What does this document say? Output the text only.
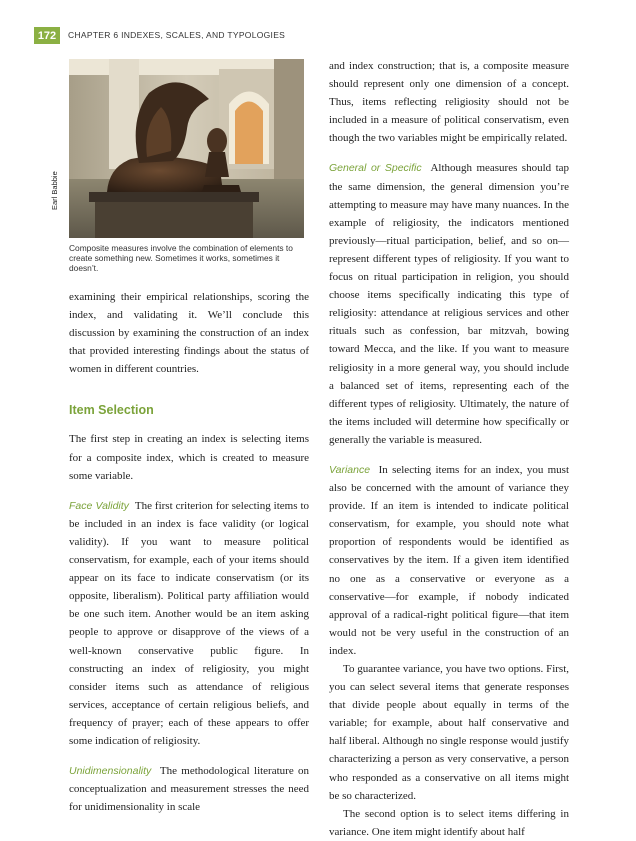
172	CHAPTER 6 INDEXES, SCALES, AND TYPOLOGIES
Earl Babbie
Composite measures involve the combination of elements to create something new. Sometimes it works, sometimes it doesn’t.

examining their empirical relationships, scoring the index, and validating it. We’ll conclude this discussion by examining the construction of an index that provided interesting findings about the status of women in different countries.

Item Selection

The first step in creating an index is selecting items for a composite index, which is created to measure some variable.

Face Validity The first criterion for selecting items to be included in an index is face validity (or logical validity). If you want to measure political conservatism, for example, each of your items should appear on its face to indicate conservatism (or its opposite, liberalism). Political party affiliation would be one such item. Another would be an item asking people to approve or disapprove of the views of a well-known conservative public figure. In constructing an index of religiosity, you might consider items such as attendance of religious services, acceptance of certain religious beliefs, and frequency of prayer; each of these appears to offer some indication of religiosity.

Unidimensionality The methodological literature on conceptualization and measurement stresses the need for unidimensionality in scale

and index construction; that is, a composite measure should represent only one dimension of a concept. Thus, items reflecting religiosity should not be included in a measure of political conservatism, even though the two variables might be empirically related.

General or Specific Although measures should tap the same dimension, the general dimension you’re attempting to measure may have many nuances. In the example of religiosity, the indicators mentioned previously—ritual participation, belief, and so on—represent different types of religiosity. If you want to focus on ritual participation in religion, you should choose items specifically indicating this type of religiosity: attendance at religious services and other rituals such as confession, bar mitzvah, bowing toward Mecca, and the like. If you want to measure religiosity in a more general way, you should include a balanced set of items, representing each of the different types of religiosity. Ultimately, the nature of the items included will determine how specifically or generally the variable is measured.

Variance In selecting items for an index, you must also be concerned with the amount of variance they provide. If an item is intended to indicate political conservatism, for example, you should note what proportion of respondents would be identified as conservatives by the item. If a given item identified no one as a conservative or everyone as a conservative—for example, if nobody indicated approval of a radical-right political figure—that item would not be very useful in the construction of an index.

To guarantee variance, you have two options. First, you can select several items that generate responses that divide people about equally in terms of the variable; for example, about half conservative and half liberal. Although no single response would justify characterizing a person as very conservative, a person who responded as a conservative on all items might be so characterized.

The second option is to select items differing in variance. One item might identify about half
